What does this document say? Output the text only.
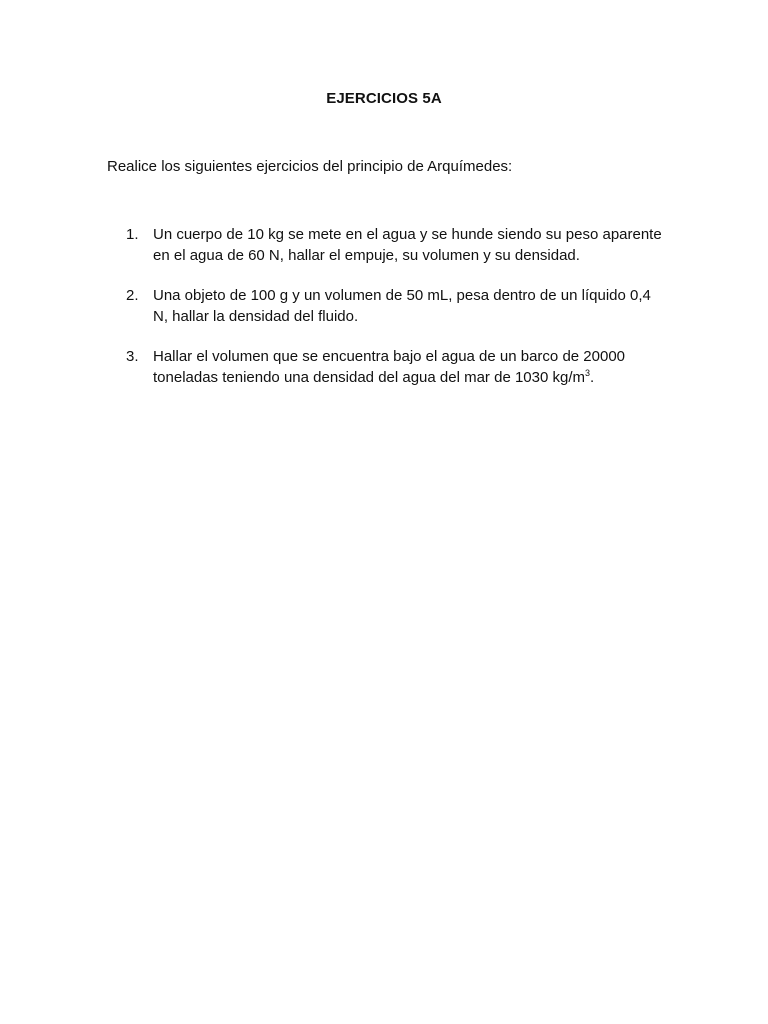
EJERCICIOS 5A
Realice los siguientes ejercicios del principio de Arquímedes:
1. Un cuerpo de 10 kg se mete en el agua y se hunde siendo su peso aparente en el agua de 60 N, hallar el empuje, su volumen y su densidad.
2. Una objeto de 100 g y un volumen de 50 mL, pesa dentro de un líquido 0,4 N, hallar la densidad del fluido.
3. Hallar el volumen que se encuentra bajo el agua de un barco de 20000 toneladas teniendo una densidad del agua del mar de 1030 $kg/m^3$.
